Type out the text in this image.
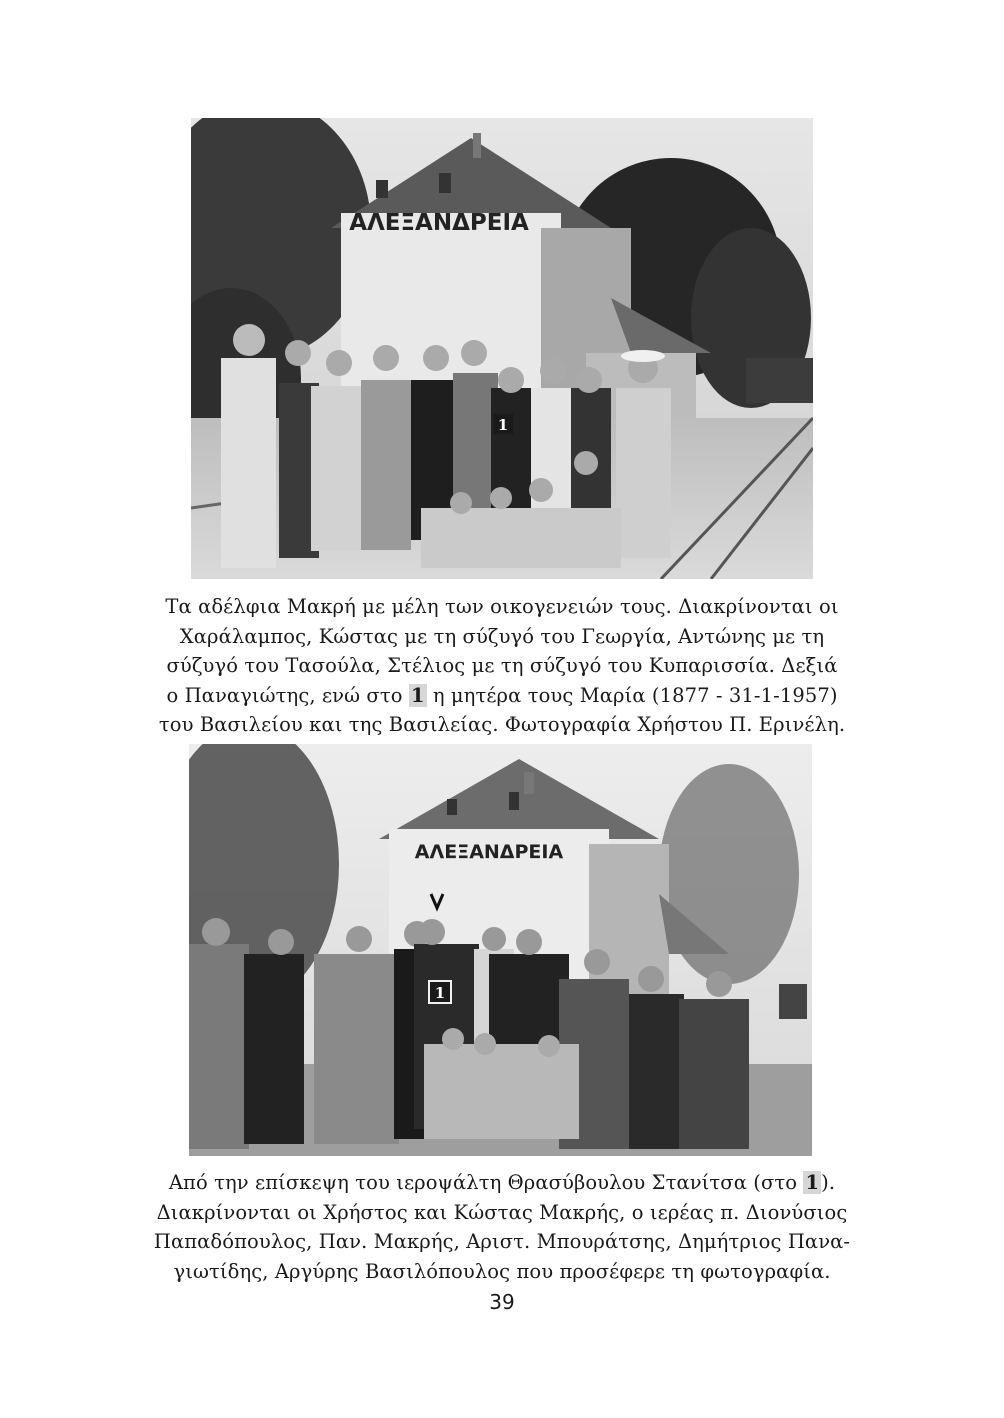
ΑΛΕΞΑΝΔΡΕΙΑ
1
Τα αδέλφια Μακρή με μέλη των οικογενειών τους. Διακρίνονται οι
Χαράλαμπος, Κώστας με τη σύζυγό του Γεωργία, Αντώνης με τη
σύζυγό του Τασούλα, Στέλιος με τη σύζυγό του Κυπαρισσία. Δεξιά
ο Παναγιώτης, ενώ στο 1 η μητέρα τους Μαρία (1877 - 31-1-1957)
του Βασιλείου και της Βασιλείας. Φωτογραφία Χρήστου Π. Ερινέλη.
ΑΛΕΞΑΝΔΡΕΙΑ
1
Από την επίσκεψη του ιεροψάλτη Θρασύβουλου Στανίτσα (στο 1 ).
Διακρίνονται οι Χρήστος και Κώστας Μακρής, ο ιερέας π. Διονύσιος
Παπαδόπουλος, Παν. Μακρής, Αριστ. Μπουράτσης, Δημήτριος Πανα-
γιωτίδης, Αργύρης Βασιλόπουλος που προσέφερε τη φωτογραφία.
39
